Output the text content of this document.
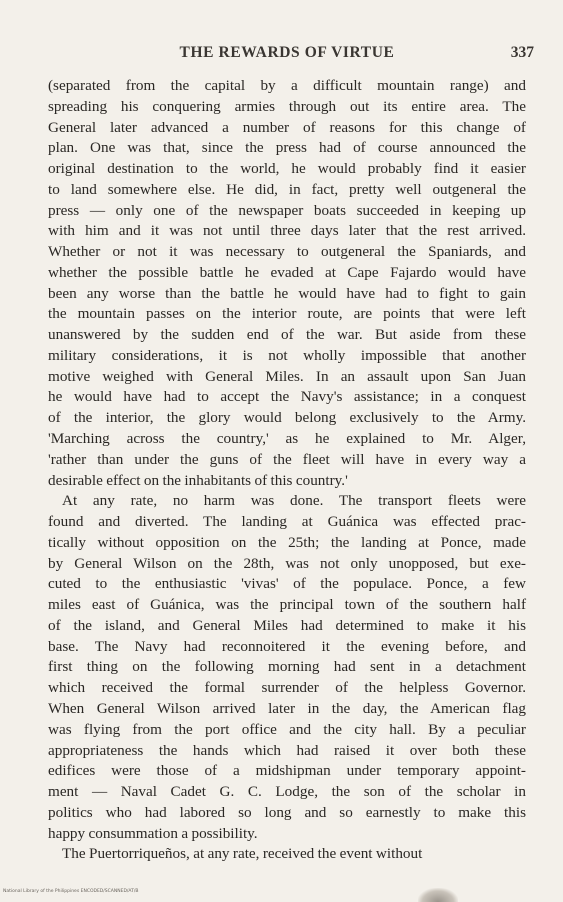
THE REWARDS OF VIRTUE	337
(separated from the capital by a difficult mountain range) and
spreading his conquering armies through out its entire area. The
General later advanced a number of reasons for this change of
plan. One was that, since the press had of course announced the
original destination to the world, he would probably find it easier
to land somewhere else. He did, in fact, pretty well outgeneral the
press — only one of the newspaper boats succeeded in keeping up
with him and it was not until three days later that the rest arrived.
Whether or not it was necessary to outgeneral the Spaniards, and
whether the possible battle he evaded at Cape Fajardo would have
been any worse than the battle he would have had to fight to gain
the mountain passes on the interior route, are points that were left
unanswered by the sudden end of the war. But aside from these
military considerations, it is not wholly impossible that another
motive weighed with General Miles. In an assault upon San Juan
he would have had to accept the Navy's assistance; in a conquest
of the interior, the glory would belong exclusively to the Army.
'Marching across the country,' as he explained to Mr. Alger,
'rather than under the guns of the fleet will have in every way a
desirable effect on the inhabitants of this country.'
At any rate, no harm was done. The transport fleets were
found and diverted. The landing at Guánica was effected prac-
tically without opposition on the 25th; the landing at Ponce, made
by General Wilson on the 28th, was not only unopposed, but exe-
cuted to the enthusiastic 'vivas' of the populace. Ponce, a few
miles east of Guánica, was the principal town of the southern half
of the island, and General Miles had determined to make it his
base. The Navy had reconnoitered it the evening before, and
first thing on the following morning had sent in a detachment
which received the formal surrender of the helpless Governor.
When General Wilson arrived later in the day, the American flag
was flying from the port office and the city hall. By a peculiar
appropriateness the hands which had raised it over both these
edifices were those of a midshipman under temporary appoint-
ment — Naval Cadet G. C. Lodge, the son of the scholar in
politics who had labored so long and so earnestly to make this
happy consummation a possibility.
The Puertorriqueños, at any rate, received the event without
National Library of the Philippines ENCODED/SCANNED/AT/B
